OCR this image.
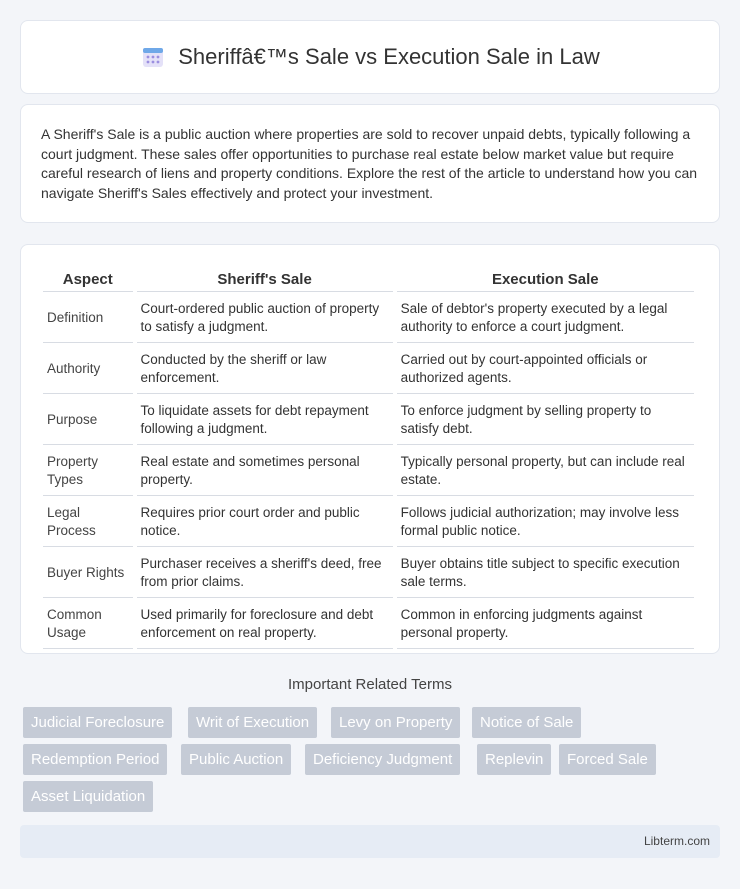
Sheriffâ€™s Sale vs Execution Sale in Law

A Sheriff's Sale is a public auction where properties are sold to recover unpaid debts, typically following a court judgment. These sales offer opportunities to purchase real estate below market value but require careful research of liens and property conditions. Explore the rest of the article to understand how you can navigate Sheriff's Sales effectively and protect your investment.

Aspect	Sheriff's Sale	Execution Sale
Definition	Court-ordered public auction of property to satisfy a judgment.	Sale of debtor's property executed by a legal authority to enforce a court judgment.
Authority	Conducted by the sheriff or law enforcement.	Carried out by court-appointed officials or authorized agents.
Purpose	To liquidate assets for debt repayment following a judgment.	To enforce judgment by selling property to satisfy debt.
Property Types	Real estate and sometimes personal property.	Typically personal property, but can include real estate.
Legal Process	Requires prior court order and public notice.	Follows judicial authorization; may involve less formal public notice.
Buyer Rights	Purchaser receives a sheriff's deed, free from prior claims.	Buyer obtains title subject to specific execution sale terms.
Common Usage	Used primarily for foreclosure and debt enforcement on real property.	Common in enforcing judgments against personal property.
Important Related Terms
Judicial Foreclosure	Writ of Execution	Levy on Property	Notice of Sale
Redemption Period	Public Auction	Deficiency Judgment	Replevin	Forced Sale
Asset Liquidation
Libterm.com
